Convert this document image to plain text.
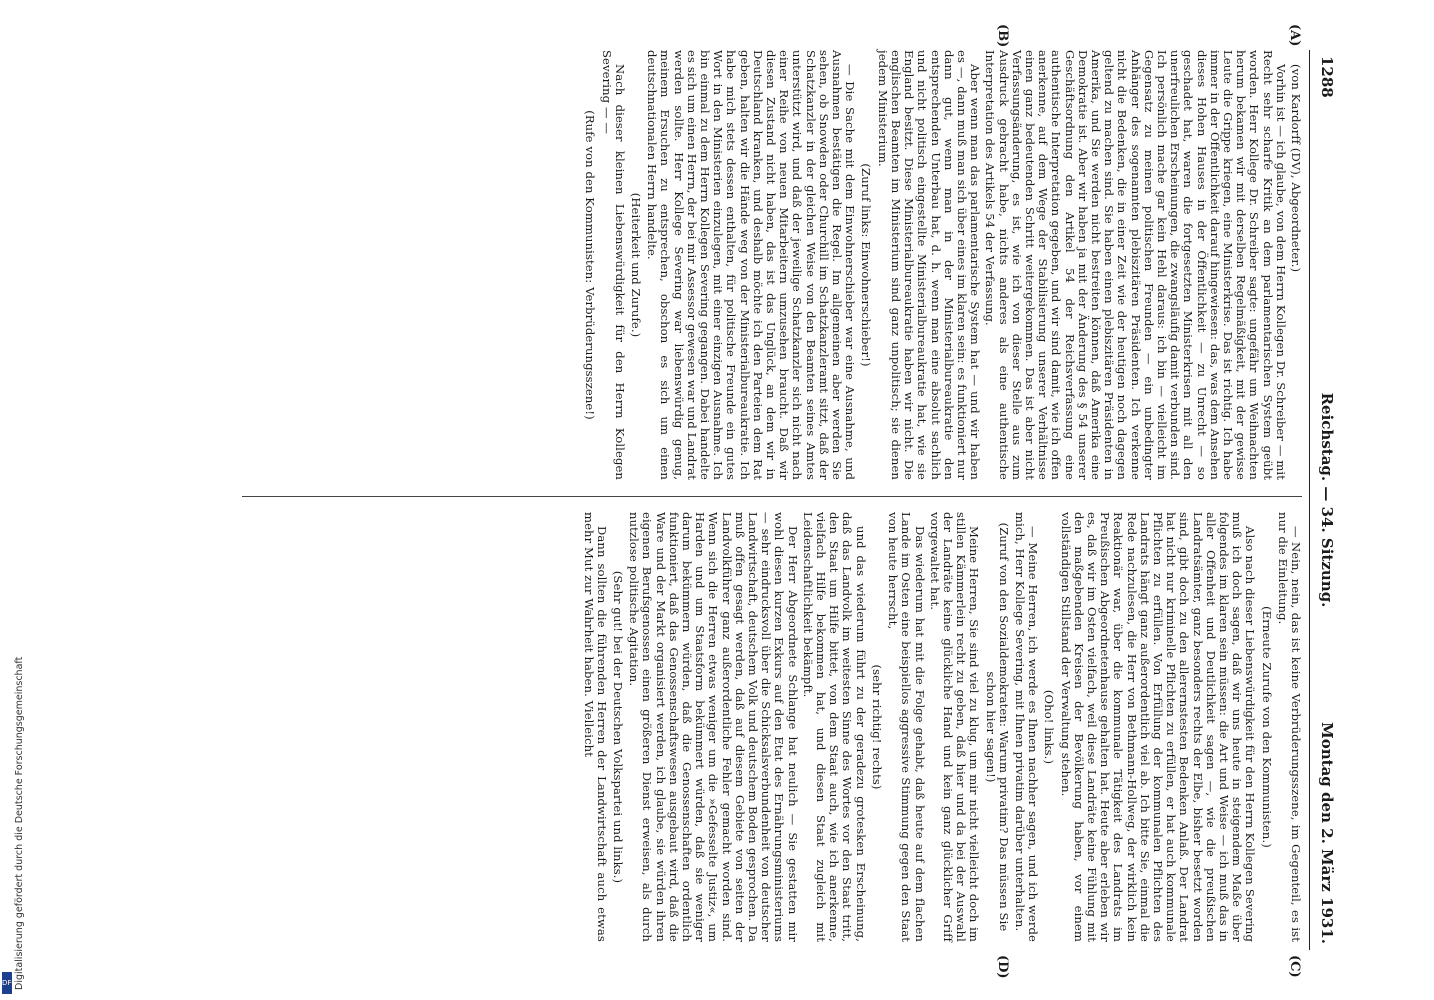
Digitalisierung gefördert durch die Deutsche Forschungsgemeinschaft
DFG
1288
Reichstag. — 34. Sitzung.
Montag den 2. März 1931.
(A)
(B)
(C)
(D)

(von Kardorff (DV), Abgeordneter.)

Vorhin ist — ich glaube, von dem Herrn Kollegen Dr. Schreiber — mit Recht sehr scharfe Kritik an dem parlamentarischen System geübt worden. Herr Kollege Dr. Schreiber sagte: ungefähr um Weihnachten herum bekamen wir mit derselben Regelmäßigkeit, mit der gewisse Leute die Grippe kriegen, eine Ministerkrise. Das ist richtig. Ich habe immer in der Öffentlichkeit darauf hingewiesen: das, was dem Ansehen dieses Hohen Hauses in der Öffentlichkeit — zu Unrecht — so geschadet hat, waren die fortgesetzten Ministerkrisen mit all den unerfreulichen Erscheinungen, die zwangsläufig damit verbunden sind. Ich persönlich mache gar kein Hehl daraus: ich bin — vielleicht im Gegensatz zu meinen politischen Freunden — ein unbedingter Anhänger des sogenannten plebiszitären Präsidenten. Ich verkenne nicht die Bedenken, die in einer Zeit wie der heutigen noch dagegen geltend zu machen sind. Sie haben einen plebiszitären Präsidenten in Amerika, und Sie werden nicht bestreiten können, daß Amerika eine Demokratie ist. Aber wir haben ja mit der Änderung des § 54 unserer Geschäftsordnung den Artikel 54 der Reichsverfassung eine authentische Interpretation gegeben, und wir sind damit, wie ich offen anerkenne, auf dem Wege der Stabilisierung unserer Verhältnisse einen ganz bedeutenden Schritt weitergekommen. Das ist aber nicht Verfassungsänderung, es ist, wie ich von dieser Stelle aus zum Ausdruck gebracht habe, nichts anderes als eine authentische Interpretation des Artikels 54 der Verfassung.

Aber wenn man das parlamentarische System hat — und wir haben es —, dann muß man sich über eines im klaren sein: es funktioniert nur dann gut, wenn man in der Ministerialbureaukratie den entsprechenden Unterbau hat, d. h. wenn man eine absolut sachlich und nicht politisch eingestellte Ministerialbureaukratie hat, wie sie England besitzt. Diese Ministerialbureaukratie haben wir nicht. Die englischen Beamten im Ministerium sind ganz unpolitisch; sie dienen jedem Ministerium.

(Zuruf links: Einwohnerschieber!)

— Die Sache mit dem Einwohnerschieber war eine Ausnahme, und Ausnahmen bestätigen die Regel. Im allgemeinen aber werden Sie sehen, ob Snowden oder Churchill im Schatzkanzleramt sitzt, daß der Schatzkanzler in der gleichen Weise von den Beamten seines Amtes unterstützt wird, und daß der jeweilige Schatzkanzler sich nicht nach einer Reihe von neuen Mitarbeitern umzusehen braucht. Daß wir diesen Zustand nicht haben, das ist das Unglück, an dem wir in Deutschland kranken, und deshalb möchte ich den Parteien dem Rat geben, halten wir die Hände weg von der Ministerialbureaukratie. Ich habe mich stets dessen enthalten, für politische Freunde ein gutes Wort in den Ministerien einzulegen, mit einer einzigen Ausnahme. Ich bin einmal zu dem Herrn Kollegen Severing gegangen. Dabei handelte es sich um einen Herrn, der bei mir Assessor gewesen war und Landrat werden sollte. Herr Kollege Severing war liebenswürdig genug, meinem Ersuchen zu entsprechen, obschon es sich um einen deutschnationalen Herrn handelte.

(Heiterkeit und Zurufe.)

Nach dieser kleinen Liebenswürdigkeit für den Herrn Kollegen Severing — —

(Rufe von den Kommunisten: Verbrüderungsszene!)

— Nein, nein, das ist keine Verbrüderungsszene, im Gegenteil, es ist nur die Einleitung.

(Erneute Zurufe von den Kommunisten.)

Also nach dieser Liebenswürdigkeit für den Herrn Kollegen Severing muß ich doch sagen, daß wir uns heute in steigendem Maße über folgendes im klaren sein müssen: die Art und Weise — ich muß das in aller Offenheit und Deutlichkeit sagen —, wie die preußischen Landratsämter, ganz besonders rechts der Elbe, bisher besetzt worden sind, gibt doch zu den allerernstesten Bedenken Anlaß. Der Landrat hat nicht nur kriminelle Pflichten zu erfüllen, er hat auch kommunale Pflichten zu erfüllen. Von Erfüllung der kommunalen Pflichten des Landrats hängt ganz außerordentlich viel ab. Ich bitte Sie, einmal die Rede nachzulesen, die Herr von Bethmann-Hollweg, der wirklich kein Reaktionär war, über die kommunale Tätigkeit des Landrats im Preußischen Abgeordnetenhause gehalten hat. Heute aber erleben wir es, daß wir im Osten vielfach, weil diese Landräte keine Fühlung mit den maßgebenden Kreisen der Bevölkerung haben, vor einem vollständigen Stillstand der Verwaltung stehen.

(Oho! links.)

— Meine Herren, ich werde es Ihnen nachher sagen, und ich werde mich, Herr Kollege Severing, mit Ihnen privatim darüber unterhalten.

(Zuruf von den Sozialdemokraten: Warum privatim? Das müssen Sie schon hier sagen!)

Meine Herren, Sie sind viel zu klug, um mir nicht vielleicht doch im stillen Kämmerlein recht zu geben, daß hier und da bei der Auswahl der Landräte keine glückliche Hand und kein ganz glücklicher Griff vorgewaltet hat.

Das wiederum hat mit die Folge gehabt, daß heute auf dem flachen Lande im Osten eine beispiellos aggressive Stimmung gegen den Staat von heute herrscht,

(sehr richtig! rechts)

und das wiederum führt zu der geradezu grotesken Erscheinung, daß das Landvolk im weitesten Sinne des Wortes vor den Staat tritt, den Staat um Hilfe bittet, von dem Staat auch, wie ich anerkenne, vielfach Hilfe bekommen hat, und diesen Staat zugleich mit Leidenschaftlichkeit bekämpft.

Der Herr Abgeordnete Schlange hat neulich — Sie gestatten mir wohl diesen kurzen Exkurs auf den Etat des Ernährungsministeriums — sehr eindrucksvoll über die Schicksalsverbundenheit von deutscher Landwirtschaft, deutschem Volk und deutschem Boden gesprochen. Da muß offen gesagt werden, daß auf diesem Gebiete von seiten der Landvolkführer ganz außerordentliche Fehler gemacht worden sind. Wenn sich die Herren etwas weniger um die »Gefesselte Justiz«, um Harden und um Staatsform bekümmert würden, daß sie weniger darum bekümmern würden, daß die Genossenschaften ordentlich funktioniert, daß das Genossenschaftswesen ausgebaut wird, daß die Ware und der Markt organisiert werden, ich glaube, sie würden ihren eigenen Berufsgenossen einen größeren Dienst erweisen, als durch nutzlose politische Agitation.

(Sehr gut! bei der Deutschen Volkspartei und links.)

Dann sollten die führenden Herren der Landwirtschaft auch etwas mehr Mut zur Wahrheit haben. Vielleicht
